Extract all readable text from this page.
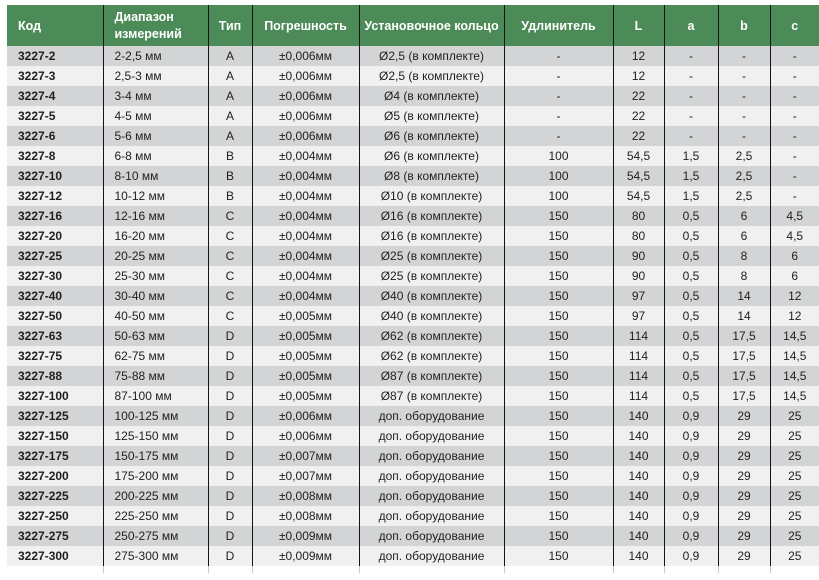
Код	Диапазон измерений	Тип	Погрешность	Установочное кольцо	Удлинитель	L	a	b	c
3227-2	2-2,5 мм	A	±0,006мм	Ø2,5 (в комплекте)	-	12	-	-	-
3227-3	2,5-3 мм	A	±0,006мм	Ø2,5 (в комплекте)	-	12	-	-	-
3227-4	3-4 мм	A	±0,006мм	Ø4 (в комплекте)	-	22	-	-	-
3227-5	4-5 мм	A	±0,006мм	Ø5 (в комплекте)	-	22	-	-	-
3227-6	5-6 мм	A	±0,006мм	Ø6 (в комплекте)	-	22	-	-	-
3227-8	6-8 мм	B	±0,004мм	Ø6 (в комплекте)	100	54,5	1,5	2,5	-
3227-10	8-10 мм	B	±0,004мм	Ø8 (в комплекте)	100	54,5	1,5	2,5	-
3227-12	10-12 мм	B	±0,004мм	Ø10 (в комплекте)	100	54,5	1,5	2,5	-
3227-16	12-16 мм	C	±0,004мм	Ø16 (в комплекте)	150	80	0,5	6	4,5
3227-20	16-20 мм	C	±0,004мм	Ø16 (в комплекте)	150	80	0,5	6	4,5
3227-25	20-25 мм	C	±0,004мм	Ø25 (в комплекте)	150	90	0,5	8	6
3227-30	25-30 мм	C	±0,004мм	Ø25 (в комплекте)	150	90	0,5	8	6
3227-40	30-40 мм	C	±0,004мм	Ø40 (в комплекте)	150	97	0,5	14	12
3227-50	40-50 мм	C	±0,005мм	Ø40 (в комплекте)	150	97	0,5	14	12
3227-63	50-63 мм	D	±0,005мм	Ø62 (в комплекте)	150	114	0,5	17,5	14,5
3227-75	62-75 мм	D	±0,005мм	Ø62 (в комплекте)	150	114	0,5	17,5	14,5
3227-88	75-88 мм	D	±0,005мм	Ø87 (в комплекте)	150	114	0,5	17,5	14,5
3227-100	87-100 мм	D	±0,005мм	Ø87 (в комплекте)	150	114	0,5	17,5	14,5
3227-125	100-125 мм	D	±0,006мм	доп. оборудование	150	140	0,9	29	25
3227-150	125-150 мм	D	±0,006мм	доп. оборудование	150	140	0,9	29	25
3227-175	150-175 мм	D	±0,007мм	доп. оборудование	150	140	0,9	29	25
3227-200	175-200 мм	D	±0,007мм	доп. оборудование	150	140	0,9	29	25
3227-225	200-225 мм	D	±0,008мм	доп. оборудование	150	140	0,9	29	25
3227-250	225-250 мм	D	±0,008мм	доп. оборудование	150	140	0,9	29	25
3227-275	250-275 мм	D	±0,009мм	доп. оборудование	150	140	0,9	29	25
3227-300	275-300 мм	D	±0,009мм	доп. оборудование	150	140	0,9	29	25
